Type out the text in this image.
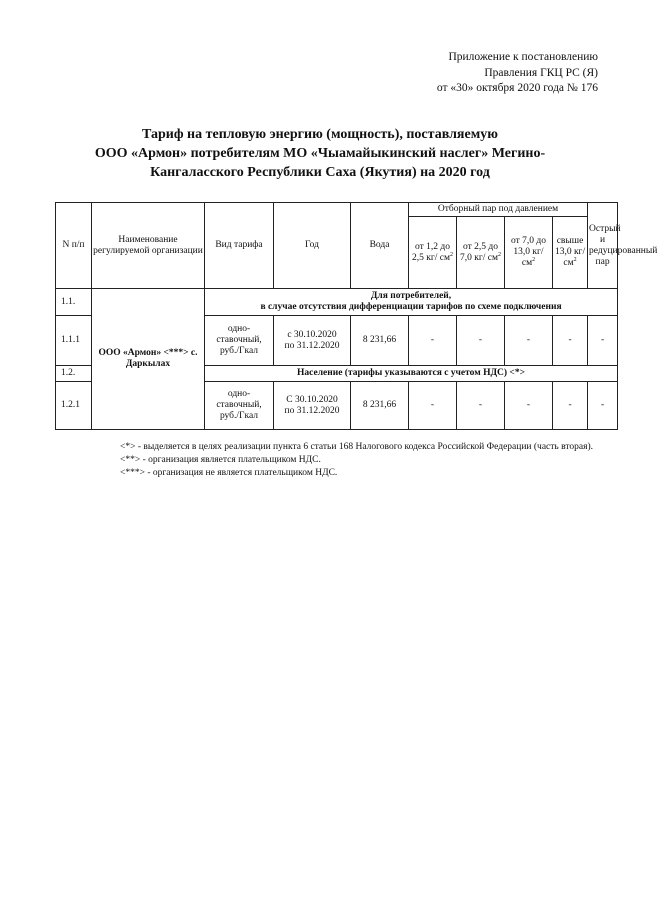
Приложение к постановлению
Правления ГКЦ РС (Я)
от «30» октября 2020 года № 176
Тариф на тепловую энергию (мощность), поставляемую
ООО «Армон» потребителям МО «Чыамайыкинский наслег» Мегино-
Кангаласского Республики Саха (Якутия) на 2020 год
N п/п	Наименование регулируемой организации	Вид тарифа	Год	Вода	Отборный пар под давлением				Острый и редуцированный пар
					от 1,2 до 2,5 кг/ $см^2$	от 2,5 до 7,0 кг/ $см^2$	от 7,0 до 13,0 кг/ $см^2$	свыше 13,0 кг/ $см^2$
1.1.	ООО «Армон» <***> с. Даркылах	Для потребителей,
в случае отсутствия дифференциации тарифов по схеме подключения							

1.1.1		одно-ставочный, руб./Гкал	с 30.10.2020
по 31.12.2020	8 231,66	-	-	-	-	-
1.2.		Население (тарифы указываются с учетом НДС) <*>							
1.2.1		одно-ставочный, руб./Гкал	С 30.10.2020
по 31.12.2020	8 231,66	-	-	-	-	-

<*> - выделяется в целях реализации пункта 6 статьи 168 Налогового кодекса Российской Федерации (часть вторая).

<**> - организация является плательщиком НДС.

<***> - организация не является плательщиком НДС.
